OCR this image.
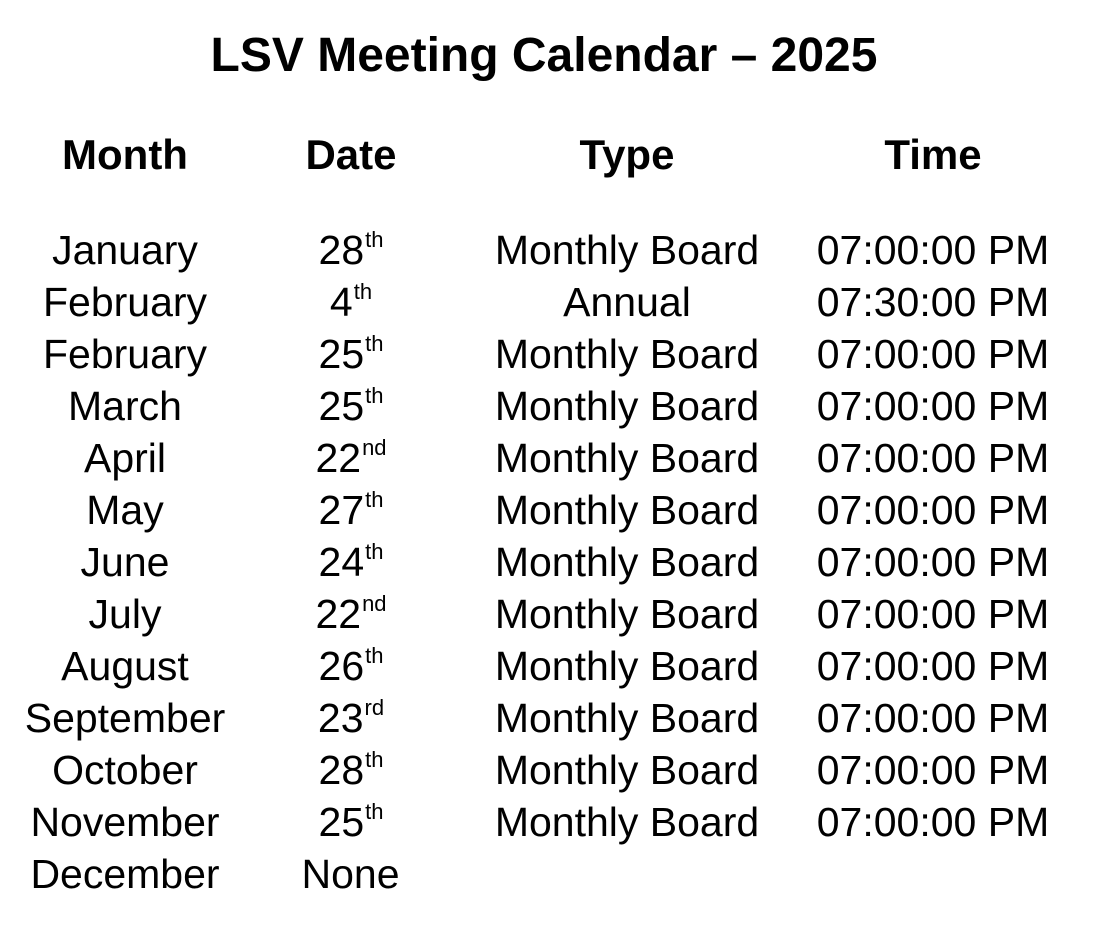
LSV Meeting Calendar – 2025
Month	Date	Type	Time
January	28th	Monthly Board	07:00:00 PM
February	4th	Annual	07:30:00 PM
February	25th	Monthly Board	07:00:00 PM
March	25th	Monthly Board	07:00:00 PM
April	22nd	Monthly Board	07:00:00 PM
May	27th	Monthly Board	07:00:00 PM
June	24th	Monthly Board	07:00:00 PM
July	22nd	Monthly Board	07:00:00 PM
August	26th	Monthly Board	07:00:00 PM
September	23rd	Monthly Board	07:00:00 PM
October	28th	Monthly Board	07:00:00 PM
November	25th	Monthly Board	07:00:00 PM
December	None
